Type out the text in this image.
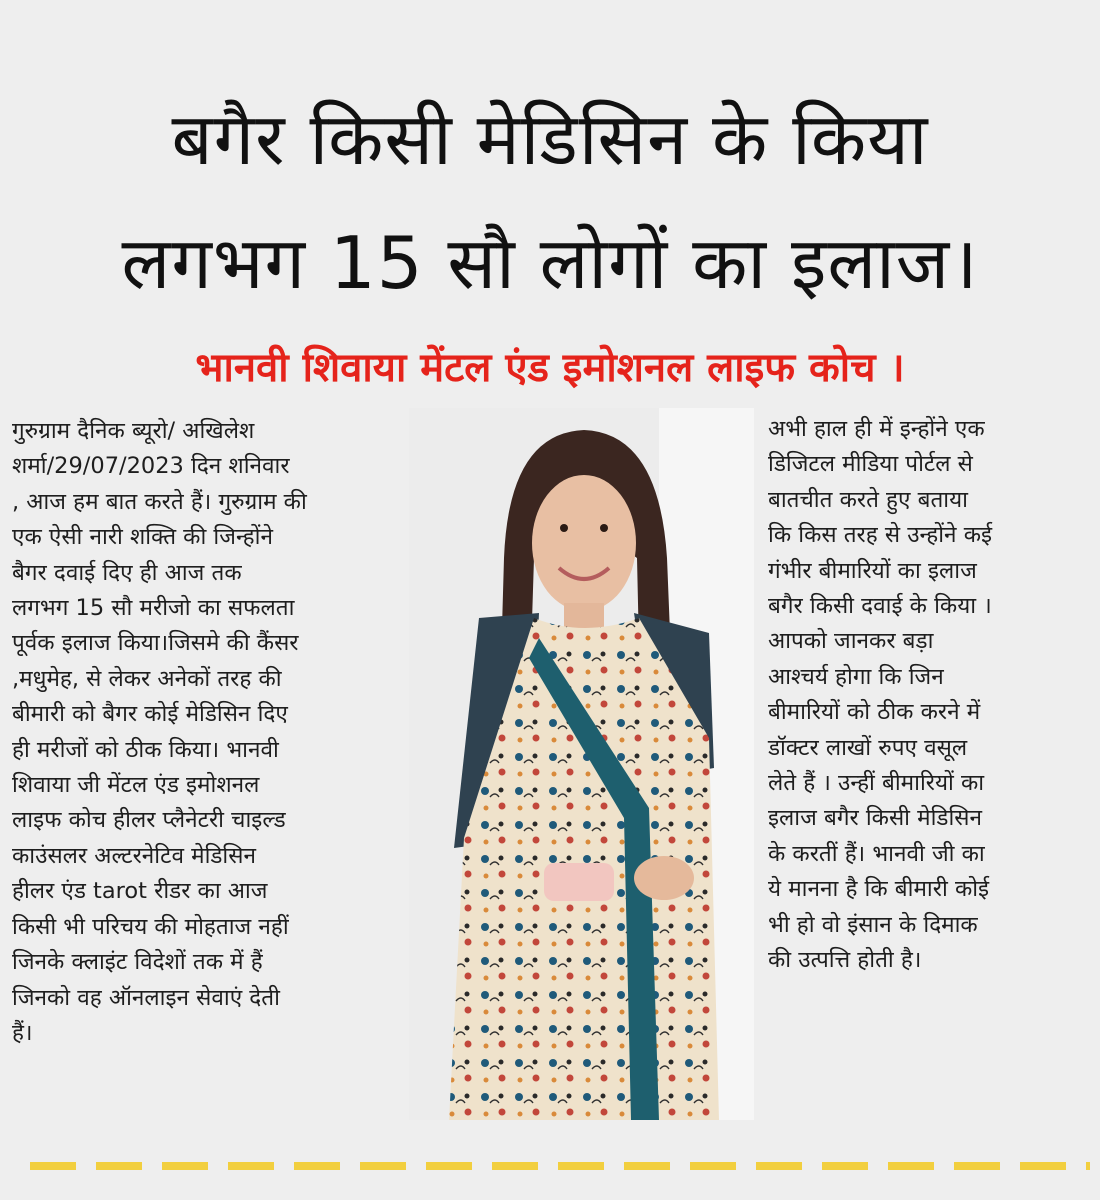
बगैर किसी मेडिसिन के किया
लगभग 15 सौ लोगों का इलाज।
भानवी शिवाया मेंटल एंड इमोशनल लाइफ कोच ।
गुरुग्राम दैनिक ब्यूरो/ अखिलेश
शर्मा/29/07/2023 दिन शनिवार
, आज हम बात करते हैं। गुरुग्राम की
एक ऐसी नारी शक्ति की जिन्होंने
बैगर दवाई दिए ही आज तक
लगभग 15 सौ मरीजो का सफलता
पूर्वक इलाज किया।जिसमे की कैंसर
,मधुमेह, से लेकर अनेकों तरह की
बीमारी को बैगर कोई मेडिसिन दिए
ही मरीजों को ठीक किया। भानवी
शिवाया जी मेंटल एंड इमोशनल
लाइफ कोच हीलर प्लैनेटरी चाइल्ड
काउंसलर अल्टरनेटिव मेडिसिन
हीलर एंड tarot रीडर का आज
किसी भी परिचय की मोहताज नहीं
जिनके क्लाइंट विदेशों तक में हैं
जिनको वह ऑनलाइन सेवाएं देती
हैं।
अभी हाल ही में इन्होंने एक
डिजिटल मीडिया पोर्टल से
बातचीत करते हुए बताया
कि किस तरह से उन्होंने कई
गंभीर बीमारियों का इलाज
बगैर किसी दवाई के किया ।
आपको जानकर बड़ा
आश्चर्य होगा कि जिन
बीमारियों को ठीक करने में
डॉक्टर लाखों रुपए वसूल
लेते हैं । उन्हीं बीमारियों का
इलाज बगैर किसी मेडिसिन
के करतीं हैं। भानवी जी का
ये मानना है कि बीमारी कोई
भी हो वो इंसान के दिमाक
की उत्पत्ति होती है।
